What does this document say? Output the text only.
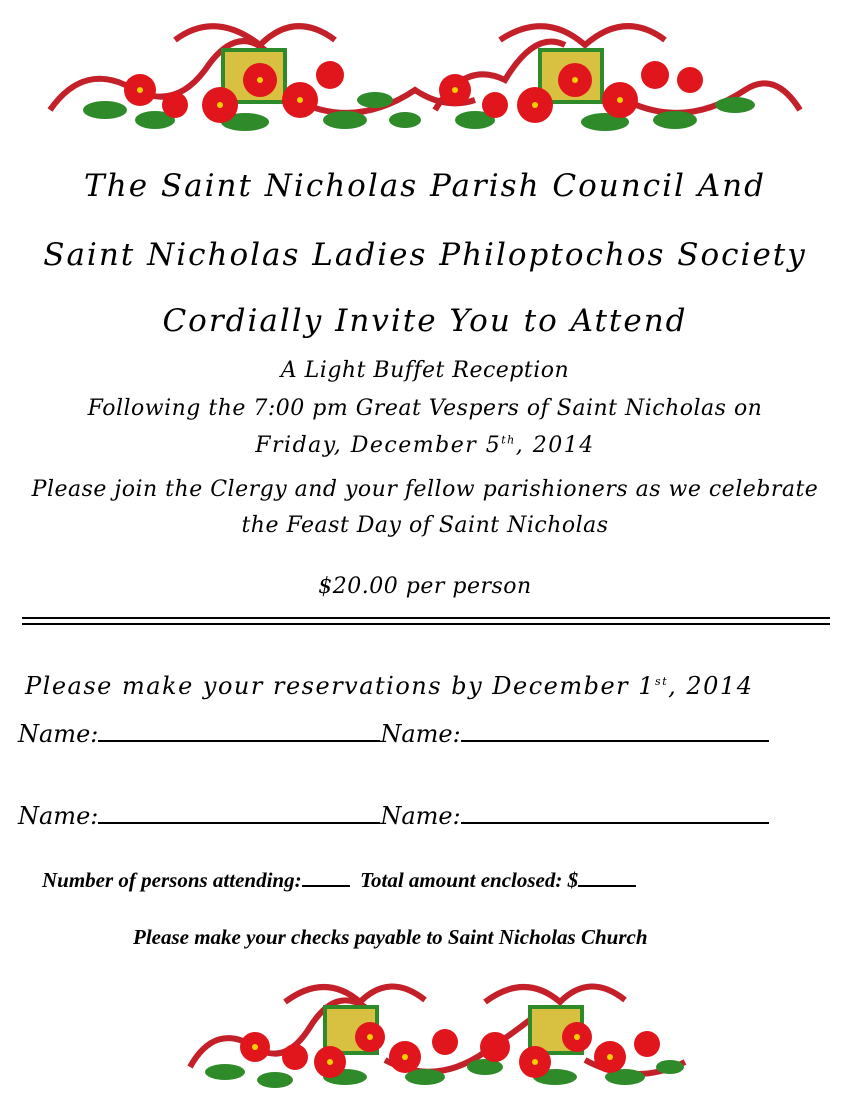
The Saint Nicholas Parish Council And
Saint Nicholas Ladies Philoptochos Society
Cordially Invite You to Attend
A Light Buffet Reception
Following the 7:00 pm Great Vespers of Saint Nicholas on
Friday, December 5th, 2014
Please join the Clergy and your fellow parishioners as we celebrate
the Feast Day of Saint Nicholas
$20.00 per person
Please make your reservations by December 1st, 2014
Name:	Name:
Name:	Name:
Number of persons attending:	Total amount enclosed: $
Please make your checks payable to Saint Nicholas Church
